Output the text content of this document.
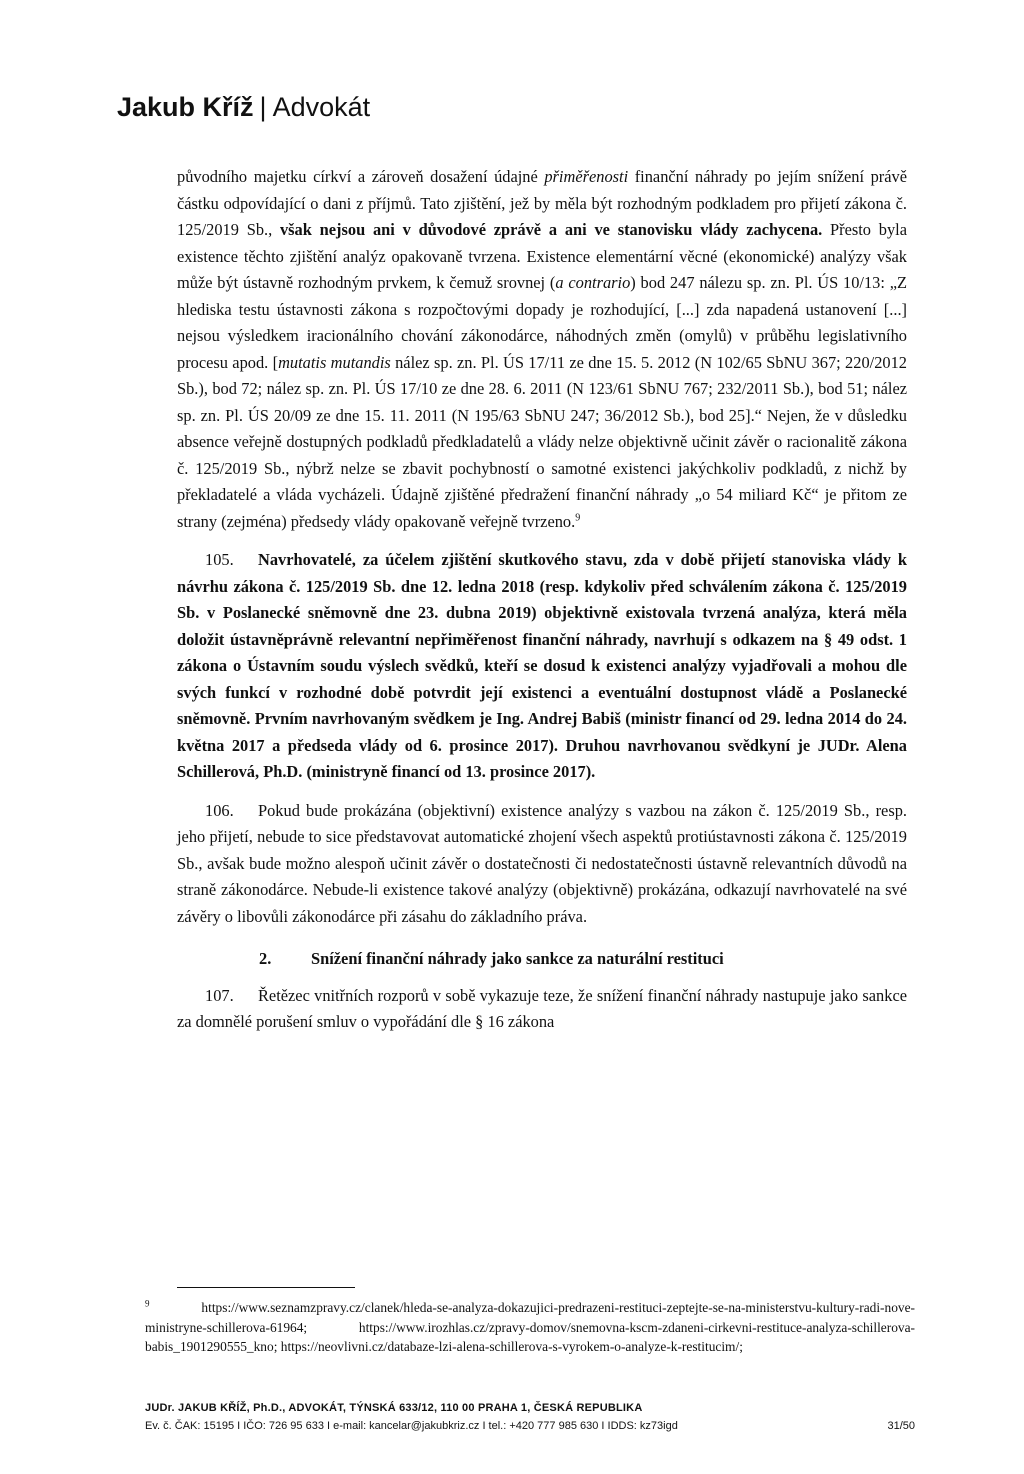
Jakub Kříž | Advokát

původního majetku církví a zároveň dosažení údajné přiměřenosti finanční náhrady po jejím snížení právě částku odpovídající o dani z příjmů. Tato zjištění, jež by měla být rozhodným podkladem pro přijetí zákona č. 125/2019 Sb., však nejsou ani v důvodové zprávě a ani ve stanovisku vlády zachycena. Přesto byla existence těchto zjištění analýz opakovaně tvrzena. Existence elementární věcné (ekonomické) analýzy však může být ústavně rozhodným prvkem, k čemuž srovnej (a contrario) bod 247 nálezu sp. zn. Pl. ÚS 10/13: „Z hlediska testu ústavnosti zákona s rozpočtovými dopady je rozhodující, [...] zda napadená ustanovení [...] nejsou výsledkem iracionálního chování zákonodárce, náhodných změn (omylů) v průběhu legislativního procesu apod. [mutatis mutandis nález sp. zn. Pl. ÚS 17/11 ze dne 15. 5. 2012 (N 102/65 SbNU 367; 220/2012 Sb.), bod 72; nález sp. zn. Pl. ÚS 17/10 ze dne 28. 6. 2011 (N 123/61 SbNU 767; 232/2011 Sb.), bod 51; nález sp. zn. Pl. ÚS 20/09 ze dne 15. 11. 2011 (N 195/63 SbNU 247; 36/2012 Sb.), bod 25].“ Nejen, že v důsledku absence veřejně dostupných podkladů předkladatelů a vlády nelze objektivně učinit závěr o racionalitě zákona č. 125/2019 Sb., nýbrž nelze se zbavit pochybností o samotné existenci jakýchkoliv podkladů, z nichž by překladatelé a vláda vycházeli. Údajně zjištěné předražení finanční náhrady „o 54 miliard Kč“ je přitom ze strany (zejména) předsedy vlády opakovaně veřejně tvrzeno.$^9$

105. Navrhovatelé, za účelem zjištění skutkového stavu, zda v době přijetí stanoviska vlády k návrhu zákona č. 125/2019 Sb. dne 12. ledna 2018 (resp. kdykoliv před schválením zákona č. 125/2019 Sb. v Poslanecké sněmovně dne 23. dubna 2019) objektivně existovala tvrzená analýza, která měla doložit ústavněprávně relevantní nepřiměřenost finanční náhrady, navrhují s odkazem na § 49 odst. 1 zákona o Ústavním soudu výslech svědků, kteří se dosud k existenci analýzy vyjadřovali a mohou dle svých funkcí v rozhodné době potvrdit její existenci a eventuální dostupnost vládě a Poslanecké sněmovně. Prvním navrhovaným svědkem je Ing. Andrej Babiš (ministr financí od 29. ledna 2014 do 24. května 2017 a předseda vlády od 6. prosince 2017). Druhou navrhovanou svědkyní je JUDr. Alena Schillerová, Ph.D. (ministryně financí od 13. prosince 2017).

106. Pokud bude prokázána (objektivní) existence analýzy s vazbou na zákon č. 125/2019 Sb., resp. jeho přijetí, nebude to sice představovat automatické zhojení všech aspektů protiústavnosti zákona č. 125/2019 Sb., avšak bude možno alespoň učinit závěr o dostatečnosti či nedostatečnosti ústavně relevantních důvodů na straně zákonodárce. Nebude-li existence takové analýzy (objektivně) prokázána, odkazují navrhovatelé na své závěry o libovůli zákonodárce při zásahu do základního práva.

2. Snížení finanční náhrady jako sankce za naturální restituci

107. Řetězec vnitřních rozporů v sobě vykazuje teze, že snížení finanční náhrady nastupuje jako sankce za domnělé porušení smluv o vypořádání dle § 16 zákona

$^9$	https://www.seznamzpravy.cz/clanek/hleda-se-analyza-dokazujici-predrazeni-restituci-zeptejte-se-na-ministerstvu-kultury-radi-nove-ministryne-schillerova-61964; https://www.irozhlas.cz/zpravy-domov/snemovna-kscm-zdaneni-cirkevni-restituce-analyza-schillerova-babis_1901290555_kno; https://neovlivni.cz/databaze-lzi-alena-schillerova-s-vyrokem-o-analyze-k-restitucim/;

JUDr. JAKUB KŘÍŽ, Ph.D., ADVOKÁT, TÝNSKÁ 633/12, 110 00 PRAHA 1, ČESKÁ REPUBLIKA
Ev. č. ČAK: 15195 I IČO: 726 95 633 I e-mail: kancelar@jakubkriz.cz I tel.: +420 777 985 630 I IDDS: kz73igd	31/50
